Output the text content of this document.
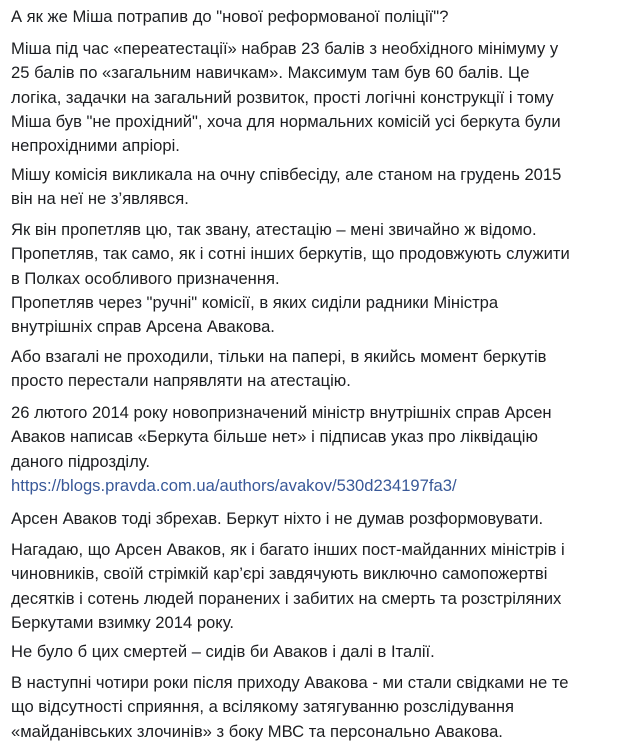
А як же Міша потрапив до "нової реформованої поліції"?

Міша під час «переатестації» набрав 23 балів з необхідного мінімуму у
25 балів по «загальним навичкам». Максимум там був 60 балів. Це
логіка, задачки на загальний розвиток, прості логічні конструкції і тому
Міша був "не прохідний", хоча для нормальних комісій усі беркута були
непрохідними апріорі.

Мішу комісія викликала на очну співбесіду, але станом на грудень 2015
він на неї не з’являвся.

Як він пропетляв цю, так звану, атестацію – мені звичайно ж відомо.
Пропетляв, так само, як і сотні інших беркутів, що продовжують служити
в Полках особливого призначення.
Пропетляв через "ручні" комісії, в яких сиділи радники Міністра
внутрішніх справ Арсена Авакова.

Або взагалі не проходили, тільки на папері, в якийсь момент беркутів
просто перестали напрявляти на атестацію.

26 лютого 2014 року новопризначений міністр внутрішніх справ Арсен
Аваков написав «Беркута більше нет» і підписав указ про ліквідацію
даного підрозділу.
https://blogs.pravda.com.ua/authors/avakov/530d234197fa3/

Арсен Аваков тоді збрехав. Беркут ніхто і не думав розформовувати.

Нагадаю, що Арсен Аваков, як і багато інших пост-майданних міністрів і
чиновників, своїй стрімкій кар’єрі завдячують виключно самопожертві
десятків і сотень людей поранених і забитих на смерть та розстріляних
Беркутами взимку 2014 року.

Не було б цих смертей – сидів би Аваков і далі в Італії.

В наступні чотири роки після приходу Авакова - ми стали свідками не те
що відсутності сприяння, а всілякому затягуванню розслідування
«майданівських злочинів» з боку МВС та персонально Авакова.
